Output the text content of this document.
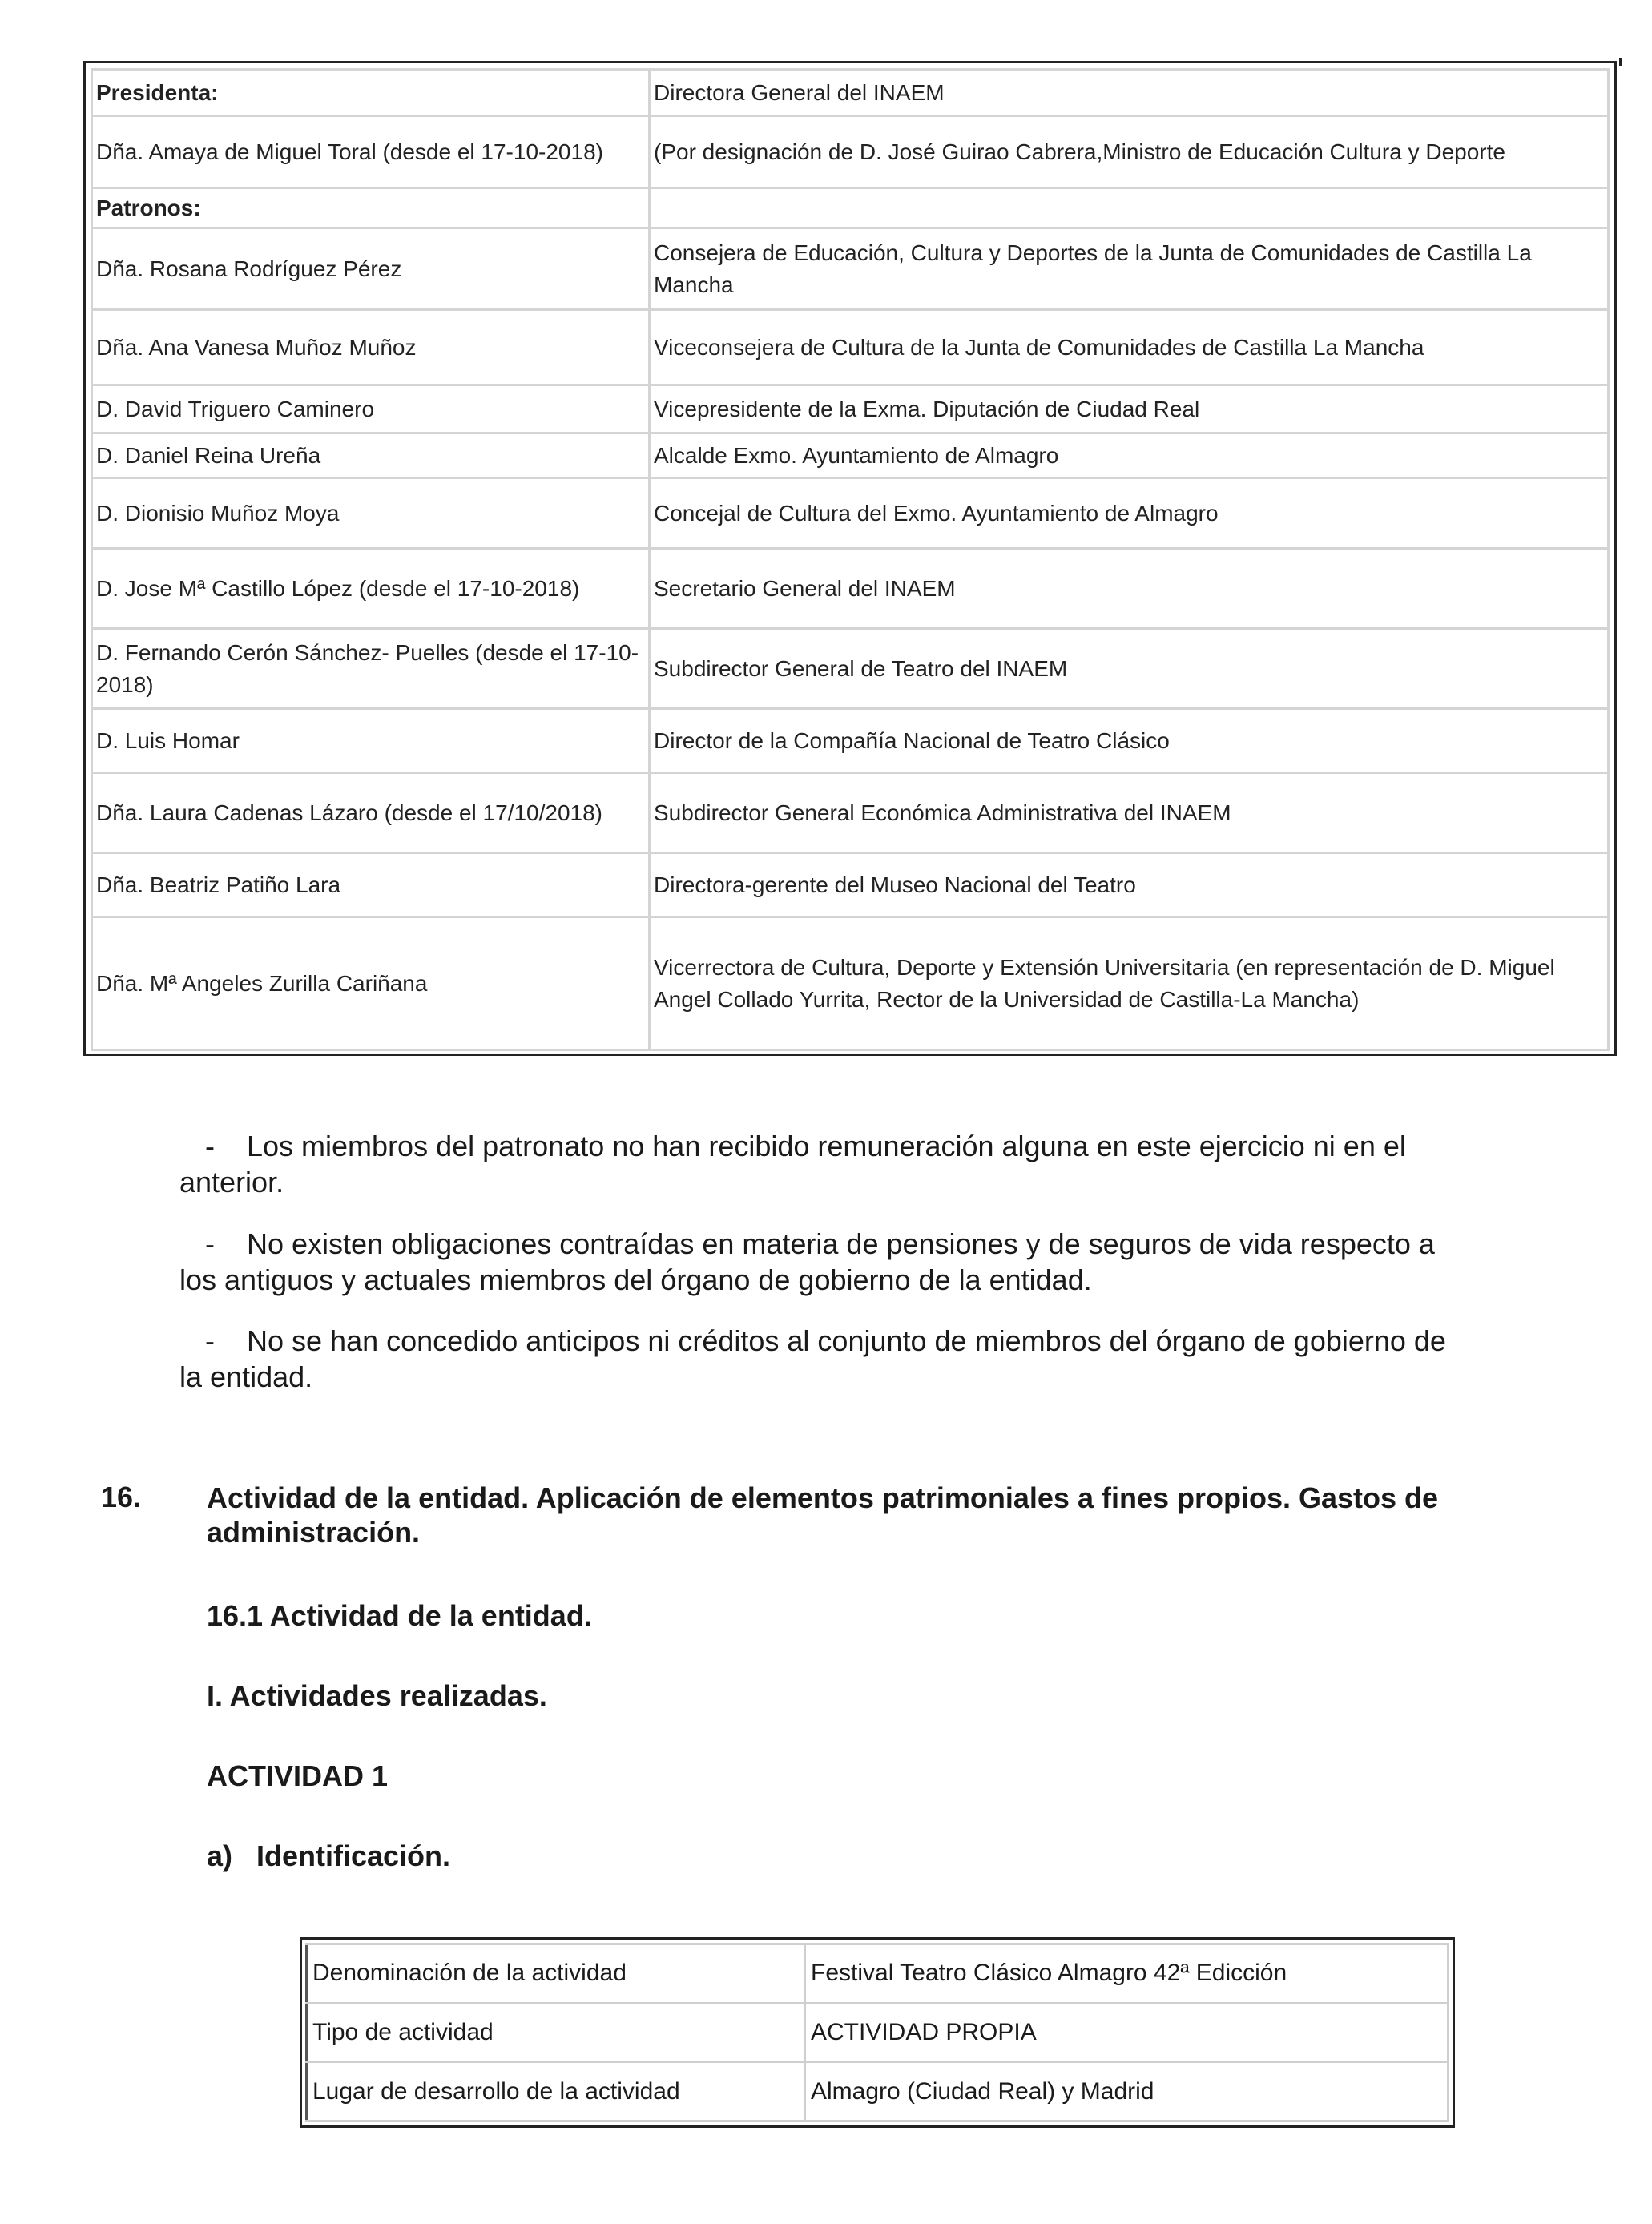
Presidenta:	Directora General del INAEM
Dña. Amaya de Miguel Toral (desde el 17-10-2018)	(Por designación de D. José Guirao Cabrera,Ministro de Educación Cultura y Deporte
Patronos:	
Dña. Rosana Rodríguez Pérez	Consejera de Educación, Cultura y Deportes de la Junta de Comunidades de Castilla La Mancha
Dña. Ana Vanesa Muñoz Muñoz	Viceconsejera de Cultura de la Junta de Comunidades de Castilla La Mancha
D. David Triguero Caminero	Vicepresidente de la Exma. Diputación de Ciudad Real
D. Daniel Reina Ureña	Alcalde Exmo. Ayuntamiento de Almagro
D. Dionisio Muñoz Moya	Concejal de Cultura del Exmo. Ayuntamiento de Almagro
D. Jose Mª Castillo López (desde el 17-10-2018)	Secretario General del INAEM
D. Fernando Cerón Sánchez- Puelles (desde el 17-10-2018)	Subdirector General de Teatro del INAEM
D. Luis Homar	Director de la Compañía Nacional de Teatro Clásico
Dña. Laura Cadenas Lázaro (desde el 17/10/2018)	Subdirector General Económica Administrativa del INAEM
Dña. Beatriz Patiño Lara	Directora-gerente del Museo Nacional del Teatro
Dña. Mª Angeles Zurilla Cariñana	Vicerrectora de Cultura, Deporte y Extensión Universitaria (en representación de D. Miguel Angel Collado Yurrita, Rector de la Universidad de Castilla-La Mancha)

- Los miembros del patronato no han recibido remuneración alguna en este ejercicio ni en el anterior.

- No existen obligaciones contraídas en materia de pensiones y de seguros de vida respecto a los antiguos y actuales miembros del órgano de gobierno de la entidad.

- No se han concedido anticipos ni créditos al conjunto de miembros del órgano de gobierno de la entidad.

16. Actividad de la entidad. Aplicación de elementos patrimoniales a fines propios. Gastos de administración.
16.1 Actividad de la entidad.
I. Actividades realizadas.
ACTIVIDAD 1
a) Identificación.
Denominación de la actividad	Festival Teatro Clásico Almagro 42ª Edicción
Tipo de actividad	ACTIVIDAD PROPIA
Lugar de desarrollo de la actividad	Almagro (Ciudad Real) y Madrid
